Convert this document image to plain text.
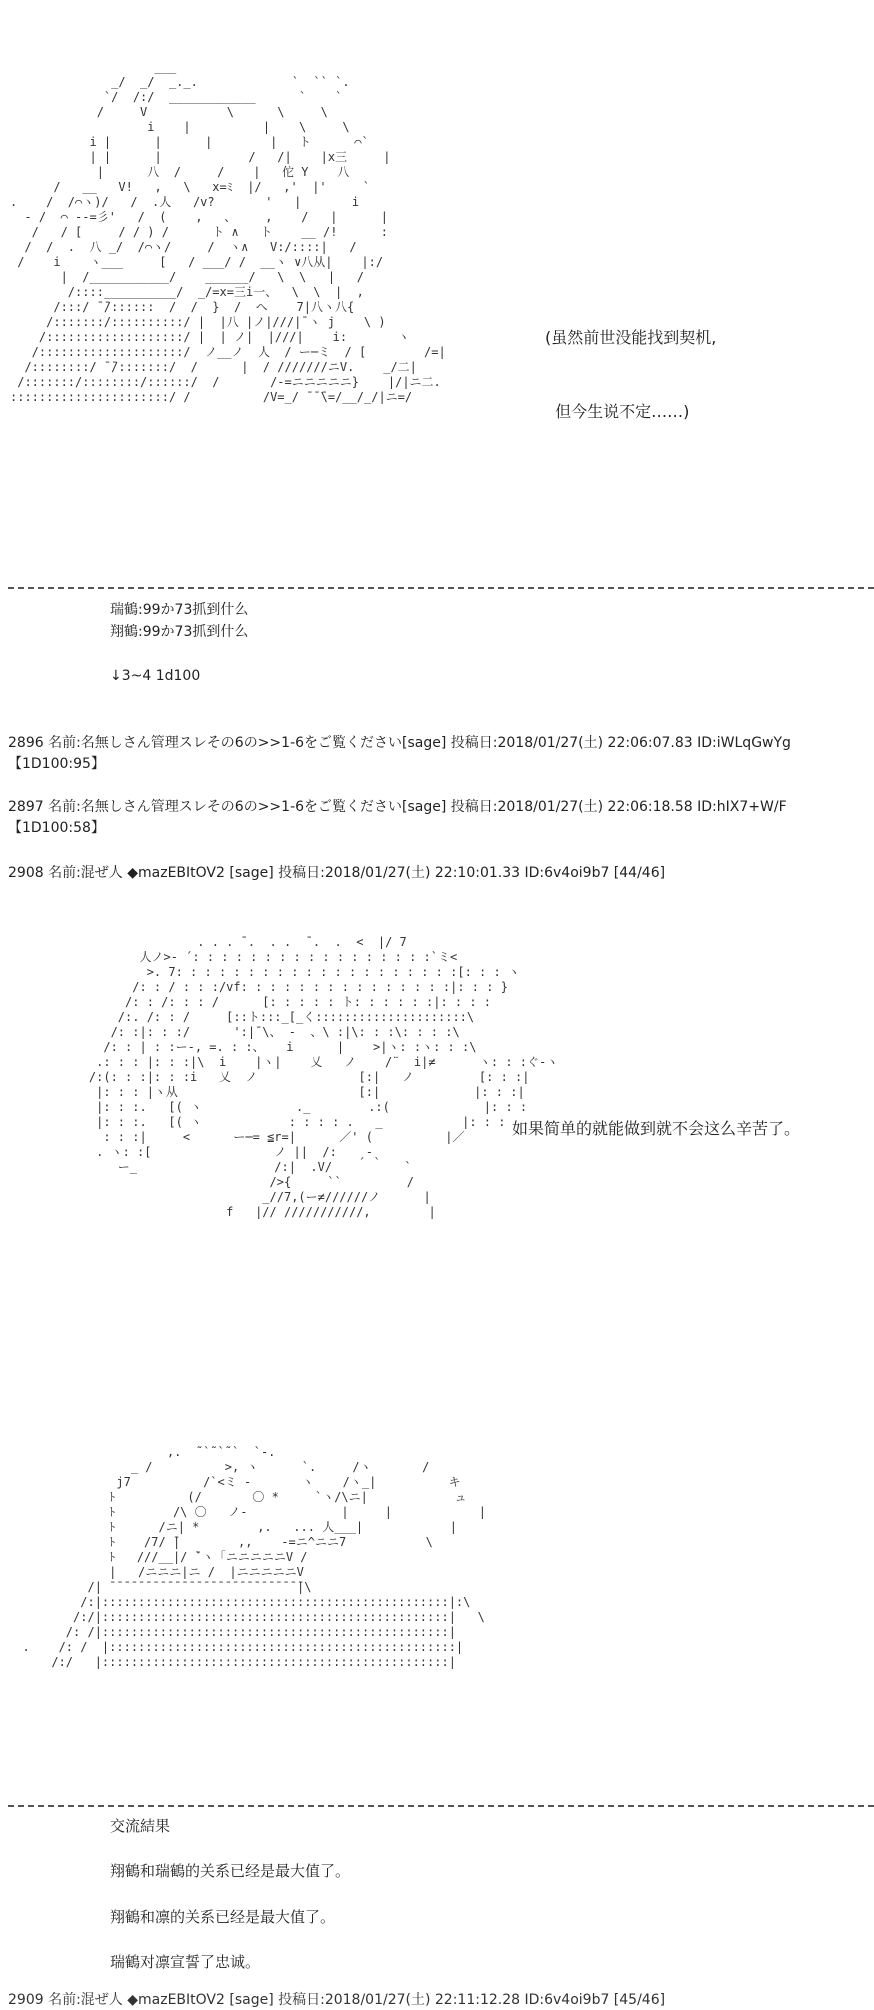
___
_/  _/  _._.             `  `` `.
`/  /:/  ____________      `    `
/     V           \      \     \
i    |          |    \     \
i |      |      |        |   ト      ⌒`
| |      |            /   /|    |x三     |
|      八  /     /    |   佗 Y    八
/   __   V!   ,   \   x=ﾐ  |/   ,'  |'     `
.    /  /⌒ヽ)/   /  .人   /v?       '   |       i
- /  ⌒ --=彡'   /  (    ,   、    ,    /   |      |
/   / [     / / ) /      ト ∧   ト    __ /!      :
/  /  .  八 _/  /⌒ヽ/     /  ヽ∧   V:/::::|   /
/    i    ヽ___     [   / ___/ /  __ヽ ∨八从|    |:/
|  /___________/    ______/   \  \   |   /
/::::__________/  _/=x=三i一、  \  \  |  ,
/:::/ ̄ ̄/::::::  /  /  }  /  ヘ    7|八ヽ八{
/:::::::/::::::::::/ |  |八 |ノ|///|¯ヽ j    \ )
/:::::::::::::::::::/ |  | ノ|  |///|    i:       ヽ
/::::::::::::::::::::/  ノ__ノ  人  / ー─ミ  / [        /=|
/::::::::/ ̄ ̄/:::::::/  /      |  / ///////ニV.    _/二|
/:::::::/::::::::/::::::/  /       /-=ニニニニニ}    |/|ニ二.
::::::::::::::::::::::/ /          /V=_/ ̄ ̄ ̄\=/__/_/|ニ=/

(虽然前世没能找到契机,

但今生说不定……)

瑞鶴:99か73抓到什么
翔鶴:99か73抓到什么
↓3~4 1d100
2896 名前:名無しさん管理スレその6の>>1-6をご覧ください[sage] 投稿日:2018/01/27(土) 22:06:07.83 ID:iWLqGwYg
【1D100:95】
2897 名前:名無しさん管理スレその6の>>1-6をご覧ください[sage] 投稿日:2018/01/27(土) 22:06:18.58 ID:hIX7+W/F
【1D100:58】
2908 名前:混ぜ人 ◆mazEBItOV2 [sage] 投稿日:2018/01/27(土) 22:10:01.33 ID:6v4oi9b7 [44/46]
. . . ̄ .  . .  ̄ .  .  <  |/ 7
人ノ>‐ ´: : : : : : : : : : : : : : : : :`ミ<
>. 7: : : : : : : : : : : : : : : : : : : :[: : : ヽ
/: : / : : :/vf: : : : : : : : : : : : : : :|: : : }
/: : /: : : /      [: : : : : ト: : : : : :|: : : :
/:. /: : /     [::ト:::_[_く:::::::::::::::::::::\
/: :|: : :/      ':|¯\、 -  、\ :|\: : :\: : : :\
/: : | : :ー-, =. : :、   i      |    >|ヽ: :ヽ: : :\
.: : : |: : :|\  i    |ヽ|    乂   ノ    /¨  i|≠      ヽ: : :ぐ‐ヽ
/:(: : :|: : :i   乂  ノ              [:|   ノ         [: : :|
|: : : |ヽ从                         [:|             |: : :|
|: : :.   [( ヽ             ._        .:(             |: : :
|: : :.   [( ヽ            : : : : .   _           |: : :
: : :|     <      ー─= ≦r=|      ／' (          |／
. ヽ: :[                 ノ ||  /:   ˏ-ˎ
ー_                   /:|  .V/          `
/>{     ``         /
_//7,(ー≠//////ノ      |
f   |// ///////////,        |
如果简单的就能做到就不会这么辛苦了。
,.  ˜`˜`˜`  `-.
_ /          >, ヽ      `.     /ヽ       /
j7          /`<ミ -       ヽ    /ヽ_|          キ
ﾄ          (/       〇 *     `ヽ/\ニ|            ュ
ﾄ        /\ 〇   ノ-             |     |            |
ﾄ      /ニ| *        ,.   ... 人___|            |
ﾄ    /7/ ̄|        ,,    -=ニ^ニニ7           \
ﾄ   ///__|/ ̄`ヽ「ニニニニニV /
|   /ニニニ|ニ /  |ニニニニニV
/| ̄ ̄ ̄ ̄ ̄ ̄ ̄ ̄ ̄ ̄ ̄ ̄ ̄ ̄ ̄ ̄ ̄ ̄ ̄ ̄ ̄ ̄ ̄ ̄ ̄ ̄ ̄|\
/:|::::::::::::::::::::::::::::::::::::::::::::::::|:\
/:/|::::::::::::::::::::::::::::::::::::::::::::::::|   \
/: /|::::::::::::::::::::::::::::::::::::::::::::::::|
.    /: /  |::::::::::::::::::::::::::::::::::::::::::::::::|
/:/   |::::::::::::::::::::::::::::::::::::::::::::::::|
交流結果
翔鶴和瑞鶴的关系已经是最大值了。
翔鶴和凛的关系已经是最大值了。
瑞鶴对凛宣誓了忠诚。
2909 名前:混ぜ人 ◆mazEBItOV2 [sage] 投稿日:2018/01/27(土) 22:11:12.28 ID:6v4oi9b7 [45/46]
